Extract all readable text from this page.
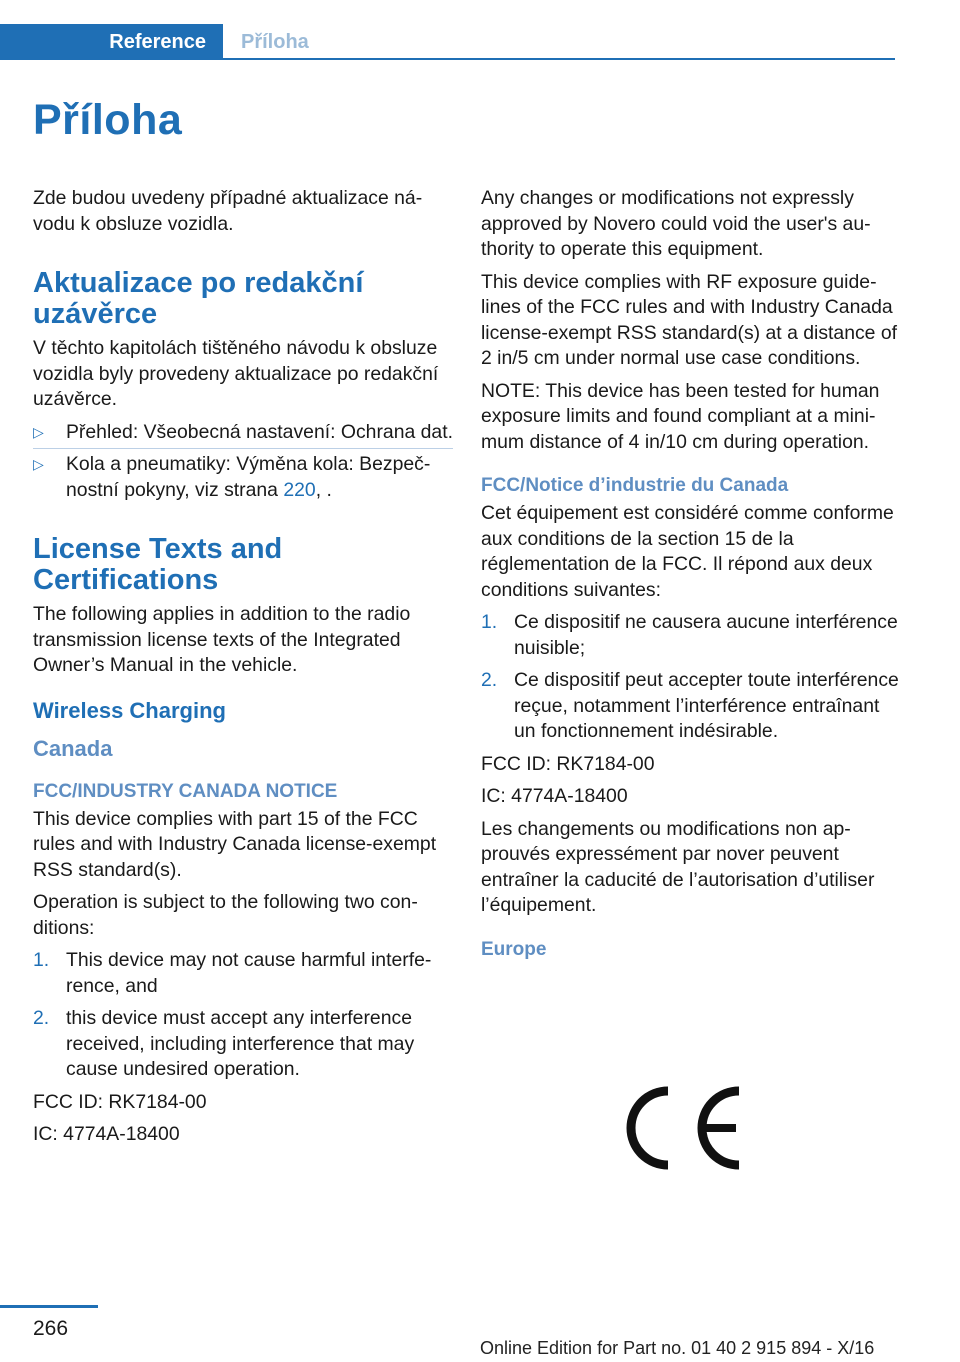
Reference	Příloha
Příloha

Zde budou uvedeny případné aktualizace návodu k obsluze vozidla.

Aktualizace po redakční uzávěrce

V těchto kapitolách tištěného návodu k obsluze vozidla byly provedeny aktualizace po redakční uzávěrce.

▷ Přehled: Všeobecná nastavení: Ochrana dat.
▷ Kola a pneumatiky: Výměna kola: Bezpečnostní pokyny, viz strana 220, .
License Texts and Certifications

The following applies in addition to the radio transmission license texts of the Integrated Owner’s Manual in the vehicle.

Wireless Charging
Canada
FCC/INDUSTRY CANADA NOTICE

This device complies with part 15 of the FCC rules and with Industry Canada license-exempt RSS standard(s).

Operation is subject to the following two conditions:

1. This device may not cause harmful interference, and
2. this device must accept any interference received, including interference that may cause undesired operation.

FCC ID: RK7184-00

IC: 4774A-18400

Any changes or modifications not expressly approved by Novero could void the user's authority to operate this equipment.

This device complies with RF exposure guidelines of the FCC rules and with Industry Canada license-exempt RSS standard(s) at a distance of 2 in/5 cm under normal use case conditions.

NOTE: This device has been tested for human exposure limits and found compliant at a minimum distance of 4 in/10 cm during operation.

FCC/Notice d’industrie du Canada

Cet équipement est considéré comme conforme aux conditions de la section 15 de la réglementation de la FCC. Il répond aux deux conditions suivantes:

1. Ce dispositif ne causera aucune interférence nuisible;
2. Ce dispositif peut accepter toute interférence reçue, notamment l’interférence entraînant un fonctionnement indésirable.

FCC ID: RK7184-00

IC: 4774A-18400

Les changements ou modifications non approuvés expressément par nover peuvent entraîner la caducité de l’autorisation d’utiliser l’équipement.

Europe
266
Online Edition for Part no. 01 40 2 915 894 - X/16
